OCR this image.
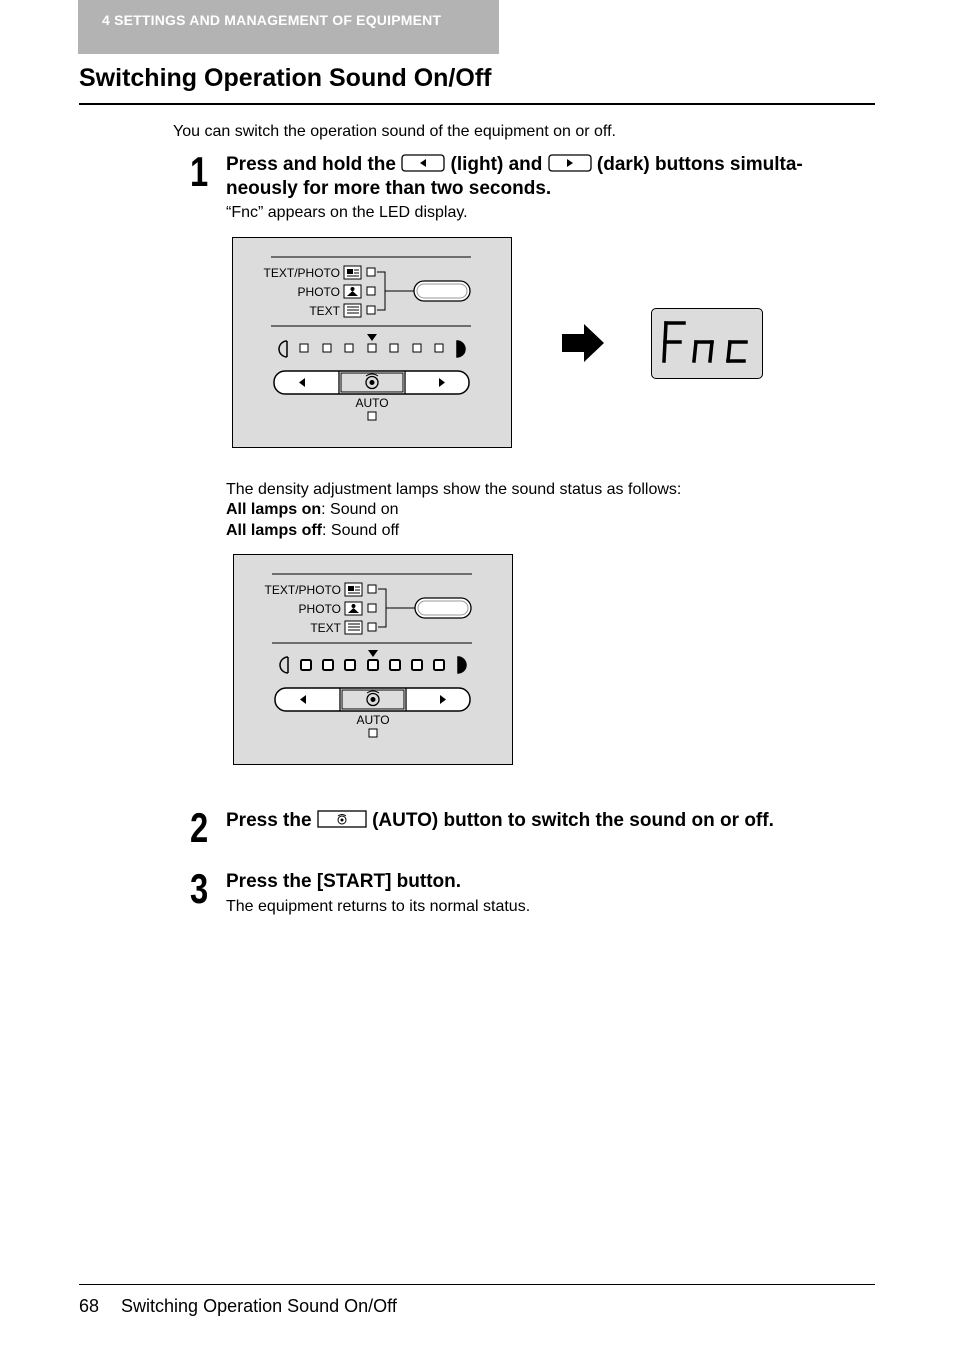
4 SETTINGS AND MANAGEMENT OF EQUIPMENT
Switching Operation Sound On/Off
You can switch the operation sound of the equipment on or off.
1 Press and hold the	(light) and	(dark) buttons simulta-
neously for more than two seconds.
“Fnc” appears on the LED display.
TEXT/PHOTO
PHOTO
TEXT
AUTO
The density adjustment lamps show the sound status as follows:
All lamps on: Sound on
All lamps off: Sound off
TEXT/PHOTO
PHOTO
TEXT
AUTO
2 Press the	(AUTO) button to switch the sound on or off.
3 Press the [START] button.
The equipment returns to its normal status.
68 Switching Operation Sound On/Off
